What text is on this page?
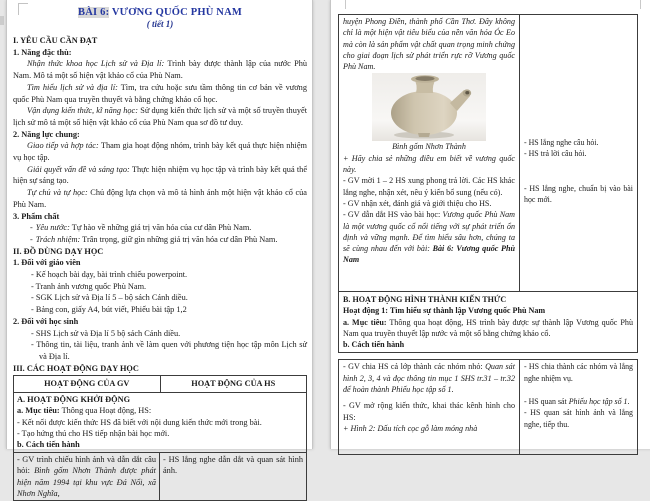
BÀI 6: VƯƠNG QUỐC PHÙ NAM
( tiết 1)
I. YÊU CẦU CẦN ĐẠT
1. Năng đặc thù:

Nhận thức khoa học Lịch sử và Địa lí: Trình bày được thành lập của nước Phù Nam. Mô tả một số hiện vật khảo cổ của Phù Nam.

Tìm hiểu lịch sử và địa lí: Tìm, tra cứu hoặc sưu tầm thông tin cơ bản về vương quốc Phù Nam qua truyền thuyết và bằng chứng khảo cổ học.

Vận dụng kiến thức, kĩ năng học: Sử dụng kiến thức lịch sử và một số truyền thuyết lịch sử mô tả một số hiện vật khảo cổ của Phù Nam qua sơ đồ tư duy.

2. Năng lực chung:

Giao tiếp và hợp tác: Tham gia hoạt động nhóm, trình bày kết quả thực hiện nhiệm vụ học tập.

Giải quyết vấn đề và sáng tạo: Thực hiện nhiệm vụ học tập và trình bày kết quả thể hiện sự sáng tạo.

Tự chủ và tự học: Chủ động lựa chọn và mô tả hình ảnh một hiện vật khảo cổ của Phù Nam.

3. Phẩm chất

- Yêu nước: Tự hào về những giá trị văn hóa của cư dân Phù Nam.

- Trách nhiệm: Trân trọng, giữ gìn những giá trị văn hóa cư dân Phù Nam.

II. ĐỒ DÙNG DẠY HỌC
1. Đối với giáo viên

- Kế hoạch bài dạy, bài trình chiếu powerpoint.

- Tranh ảnh vương quốc Phù Nam.

- SGK Lịch sử và Địa lí 5 – bộ sách Cánh diều.

- Bảng con, giấy A4, bút viết, Phiếu bài tập 1,2

2. Đối với học sinh

- SHS Lịch sử và Địa lí 5 bộ sách Cánh diều.

- Thông tin, tài liệu, tranh ảnh về làm quen với phương tiện học tập môn Lịch sử và Địa lí.

III. CÁC HOẠT ĐỘNG DẠY HỌC
HOẠT ĐỘNG CỦA GV	HOẠT ĐỘNG CỦA HS

A. HOẠT ĐỘNG KHỞI ĐỘNG

a. Mục tiêu: Thông qua Hoạt động, HS:

- Kết nối được kiến thức HS đã biết với nội dung kiến thức mới trong bài.

- Tạo hứng thú cho HS tiếp nhận bài học mới.

b. Cách tiến hành

- GV trình chiếu hình ảnh và dẫn dắt câu hỏi: Bình gốm Nhơn Thành được phát hiện năm 1994 tại khu vực Đá Nổi, xã Nhơn Nghĩa,

- HS lắng nghe dẫn dắt và quan sát hình ảnh.

huyện Phong Điền, thành phố Cần Thơ. Đây không chỉ là một hiện vật tiêu biểu của nền văn hóa Óc Eo mà còn là sản phẩm vật chất quan trọng minh chứng cho giai đoạn lịch sử phát triển rực rỡ Vương quốc Phù Nam.

Bình gốm Nhơn Thành

+ Hãy chia sẻ những điều em biết về vương quốc này.

- GV mời 1 – 2 HS xung phong trả lời. Các HS khác lắng nghe, nhận xét, nêu ý kiến bổ sung (nếu có).

- GV nhận xét, đánh giá và giới thiệu cho HS.

- GV dẫn dắt HS vào bài học: Vương quốc Phù Nam là một vương quốc cổ nổi tiếng với sự phát triển ổn định và vững mạnh. Để tìm hiểu sâu hơn, chúng ta sẽ cùng nhau đến với bài: Bài 6: Vương quốc Phù Nam

- HS lắng nghe câu hỏi.

- HS trả lời câu hỏi.

- HS lắng nghe, chuẩn bị vào bài học mới.

B. HOẠT ĐỘNG HÌNH THÀNH KIẾN THỨC

Hoạt động 1: Tìm hiểu sự thành lập Vương quốc Phù Nam

a. Mục tiêu: Thông qua hoạt động, HS trình bày được sự thành lập Vương quốc Phù Nam qua truyền thuyết lập nước và một số bằng chứng khảo cổ.

b. Cách tiến hành

- GV chia HS cả lớp thành các nhóm nhỏ: Quan sát hình 2, 3, 4 và đọc thông tin mục 1 SHS tr.31 – tr.32 để hoàn thành Phiếu học tập số 1.

- GV mở rộng kiến thức, khai thác kênh hình cho HS:

+ Hình 2: Dấu tích cọc gỗ làm móng nhà

- HS chia thành các nhóm và lắng nghe nhiệm vụ.

- HS quan sát Phiếu học tập số 1.

- HS quan sát hình ảnh và lắng nghe, tiếp thu.
